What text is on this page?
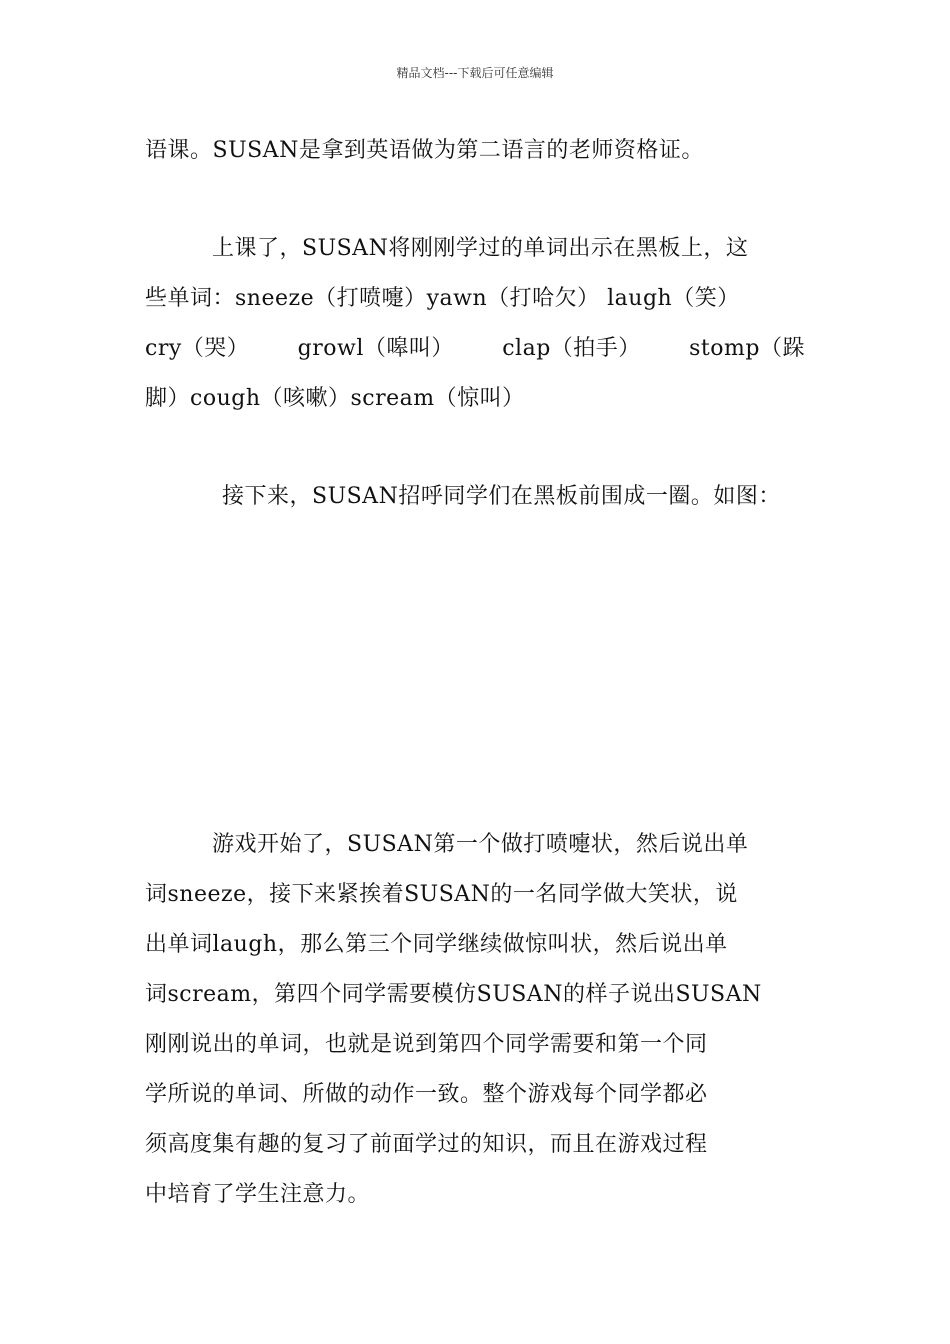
精品文档---下载后可任意编辑
语课。SUSAN是拿到英语做为第二语言的老师资格证。
上课了，SUSAN将刚刚学过的单词出示在黑板上，这
些单词：sneeze（打喷嚏）yawn（打哈欠） laugh（笑）
cry（哭） growl（嗥叫） clap（拍手） stomp（跺
脚）cough（咳嗽）scream（惊叫）
接下来，SUSAN招呼同学们在黑板前围成一圈。如图：
游戏开始了，SUSAN第一个做打喷嚏状，然后说出单
词sneeze，接下来紧挨着SUSAN的一名同学做大笑状，说
出单词laugh，那么第三个同学继续做惊叫状，然后说出单
词scream，第四个同学需要模仿SUSAN的样子说出SUSAN
刚刚说出的单词，也就是说到第四个同学需要和第一个同
学所说的单词、所做的动作一致。整个游戏每个同学都必
须高度集有趣的复习了前面学过的知识，而且在游戏过程
中培育了学生注意力。
